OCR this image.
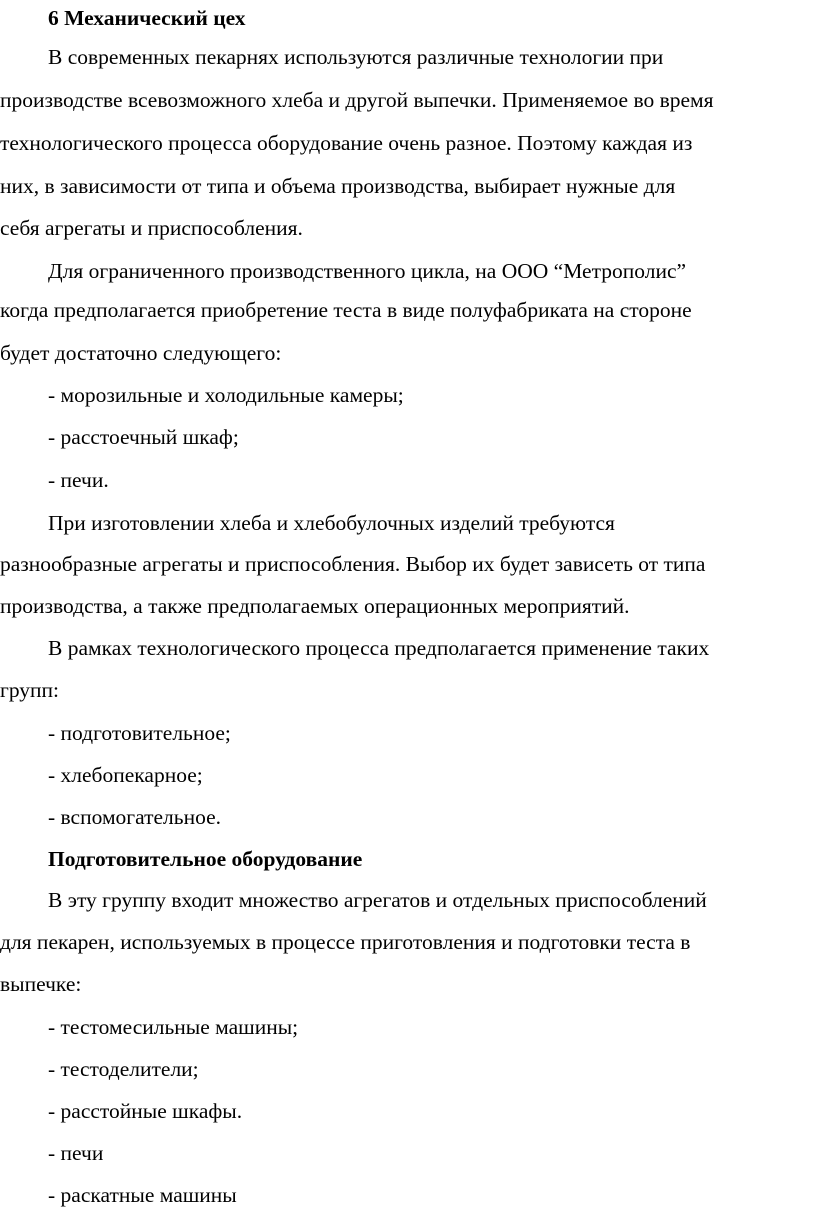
6 Механический цех
В современных пекарнях используются различные технологии при
производстве всевозможного хлеба и другой выпечки. Применяемое во время
технологического процесса оборудование очень разное. Поэтому каждая из
них, в зависимости от типа и объема производства, выбирает нужные для
себя агрегаты и приспособления.
Для ограниченного производственного цикла, на ООО “Метрополис”
когда предполагается приобретение теста в виде полуфабриката на стороне
будет достаточно следующего:
- морозильные и холодильные камеры;
- расстоечный шкаф;
- печи.
При изготовлении хлеба и хлебобулочных изделий требуются
разнообразные агрегаты и приспособления. Выбор их будет зависеть от типа
производства, а также предполагаемых операционных мероприятий.
В рамках технологического процесса предполагается применение таких
групп:
- подготовительное;
- хлебопекарное;
- вспомогательное.
Подготовительное оборудование
В эту группу входит множество агрегатов и отдельных приспособлений
для пекарен, используемых в процессе приготовления и подготовки теста в
выпечке:
- тестомесильные машины;
- тестоделители;
- расстойные шкафы.
- печи
- раскатные машины
